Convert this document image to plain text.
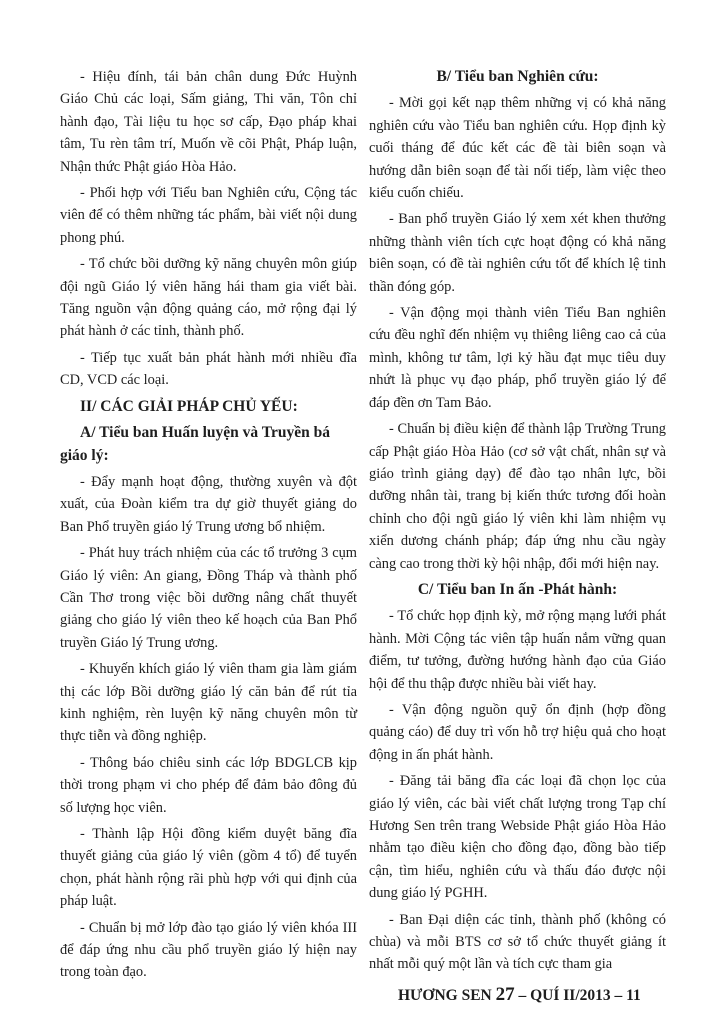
- Hiệu đính, tái bản chân dung Đức Huỳnh Giáo Chủ các loại, Sấm giảng, Thi văn, Tôn chỉ hành đạo, Tài liệu tu học sơ cấp, Đạo pháp khai tâm, Tu rèn tâm trí, Muốn về cõi Phật, Pháp luận, Nhận thức Phật giáo Hòa Hảo.

- Phối hợp với Tiểu ban Nghiên cứu, Cộng tác viên để có thêm những tác phẩm, bài viết nội dung phong phú.

- Tổ chức bồi dưỡng kỹ năng chuyên môn giúp đội ngũ Giáo lý viên hăng hái tham gia viết bài. Tăng nguồn vận động quảng cáo, mở rộng đại lý phát hành ở các tỉnh, thành phố.

- Tiếp tục xuất bản phát hành mới nhiều đĩa CD, VCD các loại.

II/ CÁC GIẢI PHÁP CHỦ YẾU:

A/ Tiểu ban Huấn luyện và Truyền bá giáo lý:

- Đẩy mạnh hoạt động, thường xuyên và đột xuất, của Đoàn kiểm tra dự giờ thuyết giảng do Ban Phổ truyền giáo lý Trung ương bổ nhiệm.

- Phát huy trách nhiệm của các tổ trưởng 3 cụm Giáo lý viên: An giang, Đồng Tháp và thành phố Cần Thơ trong việc bồi dưỡng nâng chất thuyết giảng cho giáo lý viên theo kế hoạch của Ban Phổ truyền Giáo lý Trung ương.

- Khuyến khích giáo lý viên tham gia làm giám thị các lớp Bồi dưỡng giáo lý căn bản để rút tỉa kinh nghiệm, rèn luyện kỹ năng chuyên môn từ thực tiễn và đồng nghiệp.

- Thông báo chiêu sinh các lớp BDGLCB kịp thời trong phạm vi cho phép để đảm bảo đông đủ số lượng học viên.

- Thành lập Hội đồng kiểm duyệt băng đĩa thuyết giảng của giáo lý viên (gồm 4 tổ) để tuyển chọn, phát hành rộng rãi phù hợp với qui định của pháp luật.

- Chuẩn bị mở lớp đào tạo giáo lý viên khóa III để đáp ứng nhu cầu phổ truyền giáo lý hiện nay trong toàn đạo.

B/ Tiểu ban Nghiên cứu:

- Mời gọi kết nạp thêm những vị có khả năng nghiên cứu vào Tiểu ban nghiên cứu. Họp định kỳ cuối tháng để đúc kết các đề tài biên soạn và hướng dẫn biên soạn để tài nối tiếp, làm việc theo kiểu cuốn chiếu.

- Ban phổ truyền Giáo lý xem xét khen thưởng những thành viên tích cực hoạt động có khả năng biên soạn, có đề tài nghiên cứu tốt để khích lệ tinh thần đóng góp.

- Vận động mọi thành viên Tiểu Ban nghiên cứu đều nghĩ đến nhiệm vụ thiêng liêng cao cả của mình, không tư tâm, lợi kỷ hầu đạt mục tiêu duy nhứt là phục vụ đạo pháp, phổ truyền giáo lý để đáp đền ơn Tam Bảo.

- Chuẩn bị điều kiện để thành lập Trường Trung cấp Phật giáo Hòa Hảo (cơ sở vật chất, nhân sự và giáo trình giảng dạy) để đào tạo nhân lực, bồi dưỡng nhân tài, trang bị kiến thức tương đối hoàn chỉnh cho đội ngũ giáo lý viên khi làm nhiệm vụ xiển dương chánh pháp; đáp ứng nhu cầu ngày càng cao trong thời kỳ hội nhập, đổi mới hiện nay.

C/ Tiểu ban In ấn -Phát hành:

- Tổ chức họp định kỳ, mở rộng mạng lưới phát hành. Mời Cộng tác viên tập huấn nắm vững quan điểm, tư tưởng, đường hướng hành đạo của Giáo hội để thu thập được nhiều bài viết hay.

- Vận động nguồn quỹ ổn định (hợp đồng quảng cáo) để duy trì vốn hỗ trợ hiệu quả cho hoạt động in ấn phát hành.

- Đăng tải băng đĩa các loại đã chọn lọc của giáo lý viên, các bài viết chất lượng trong Tạp chí Hương Sen trên trang Webside Phật giáo Hòa Hảo nhằm tạo điều kiện cho đồng đạo, đồng bào tiếp cận, tìm hiểu, nghiên cứu và thấu đáo được nội dung giáo lý PGHH.

- Ban Đại diện các tỉnh, thành phố (không có chùa) và mỗi BTS cơ sở tổ chức thuyết giảng ít nhất mỗi quý một lần và tích cực tham gia

HƯƠNG SEN 27 – QUÍ II/2013 – 11
